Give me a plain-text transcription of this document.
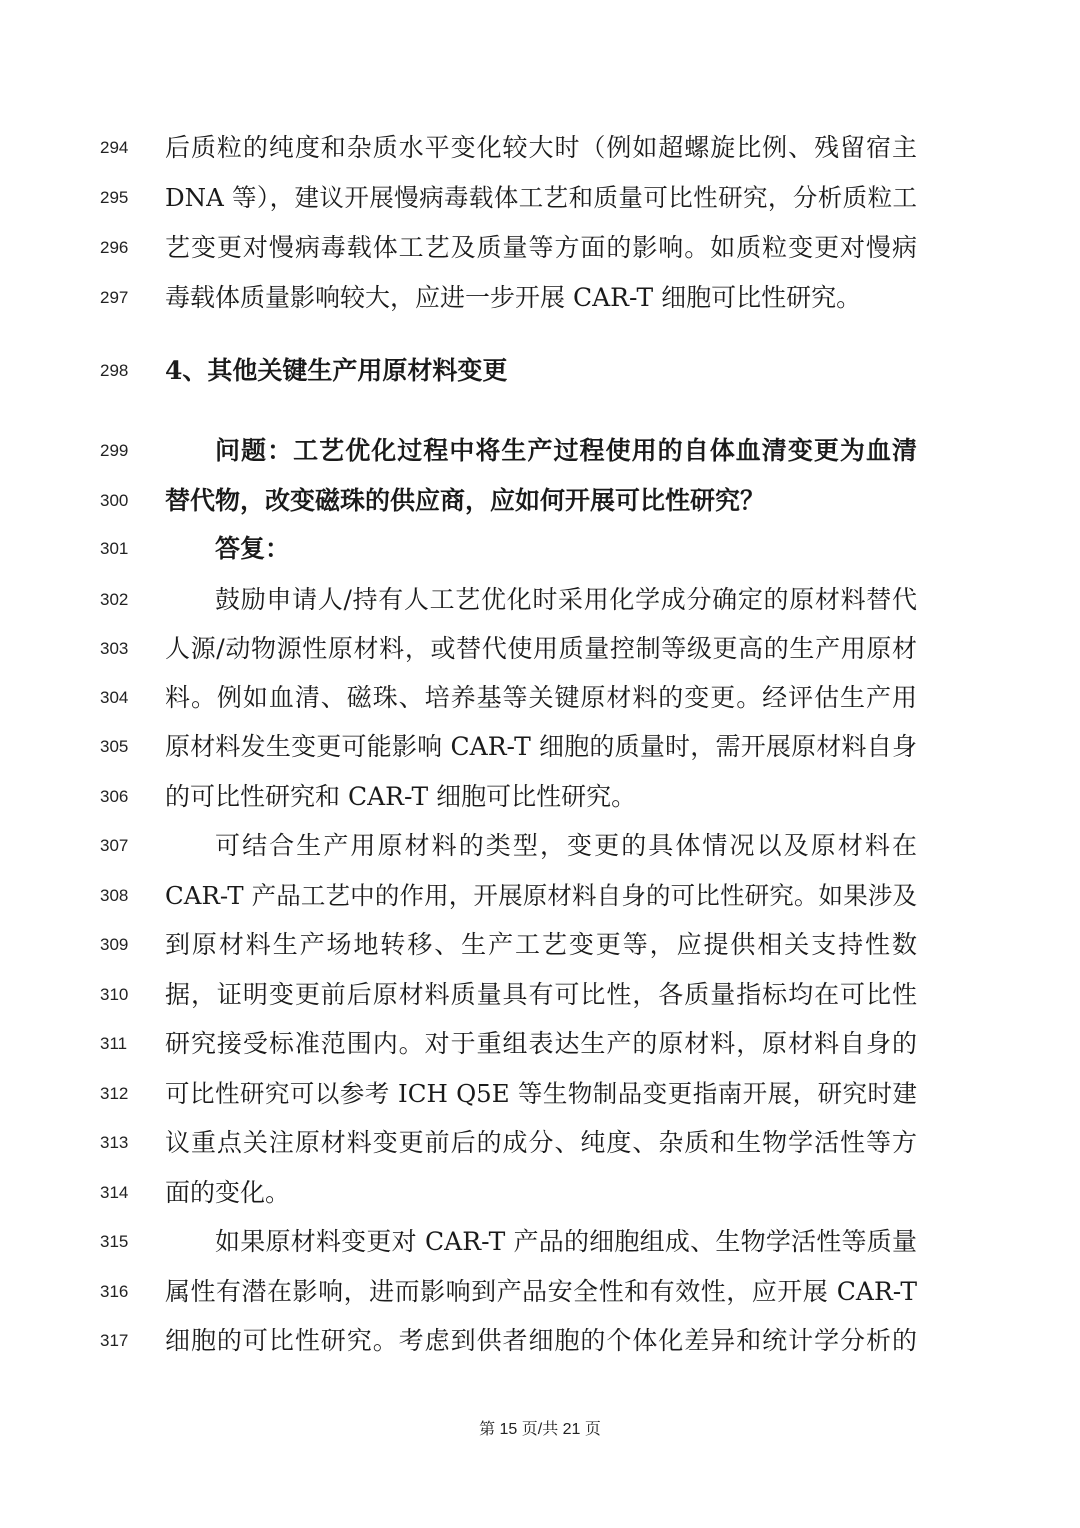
294	后质粒的纯度和杂质水平变化较大时（例如超螺旋比例、残留宿主
295	DNA 等），建议开展慢病毒载体工艺和质量可比性研究，分析质粒工
296	艺变更对慢病毒载体工艺及质量等方面的影响。如质粒变更对慢病
297	毒载体质量影响较大，应进一步开展 CAR-T 细胞可比性研究。
298	4、其他关键生产用原材料变更
299	问题：工艺优化过程中将生产过程使用的自体血清变更为血清
300	替代物，改变磁珠的供应商，应如何开展可比性研究？
301	答复：
302	鼓励申请人/持有人工艺优化时采用化学成分确定的原材料替代
303	人源/动物源性原材料，或替代使用质量控制等级更高的生产用原材
304	料。例如血清、磁珠、培养基等关键原材料的变更。经评估生产用
305	原材料发生变更可能影响 CAR-T 细胞的质量时，需开展原材料自身
306	的可比性研究和 CAR-T 细胞可比性研究。
307	可结合生产用原材料的类型，变更的具体情况以及原材料在
308	CAR-T 产品工艺中的作用，开展原材料自身的可比性研究。如果涉及
309	到原材料生产场地转移、生产工艺变更等，应提供相关支持性数
310	据，证明变更前后原材料质量具有可比性，各质量指标均在可比性
311	研究接受标准范围内。对于重组表达生产的原材料，原材料自身的
312	可比性研究可以参考 ICH Q5E 等生物制品变更指南开展，研究时建
313	议重点关注原材料变更前后的成分、纯度、杂质和生物学活性等方
314	面的变化。
315	如果原材料变更对 CAR-T 产品的细胞组成、生物学活性等质量
316	属性有潜在影响，进而影响到产品安全性和有效性，应开展 CAR-T
317	细胞的可比性研究。考虑到供者细胞的个体化差异和统计学分析的
第 15 页/共 21 页
